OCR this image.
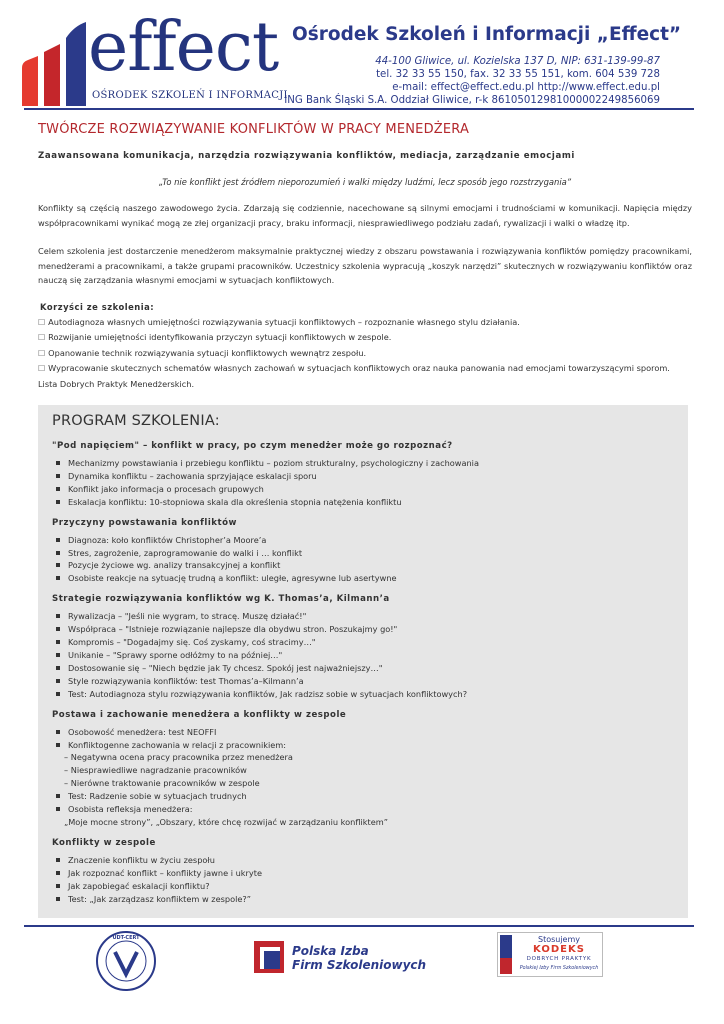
effect
OŚRODEK SZKOLEŃ I INFORMACJI
Ośrodek Szkoleń i Informacji „Effect”
44-100 Gliwice, ul. Kozielska 137 D, NIP: 631-139-99-87
tel. 32 33 55 150, fax. 32 33 55 151, kom. 604 539 728
e-mail: effect@effect.edu.pl http://www.effect.edu.pl
ING Bank Śląski S.A. Oddział Gliwice, r-k 86105012981000002249856069
TWÓRCZE ROZWIĄZYWANIE KONFLIKTÓW W PRACY MENEDŻERA
Zaawansowana komunikacja, narzędzia rozwiązywania konfliktów, mediacja, zarządzanie emocjami
„To nie konflikt jest źródłem nieporozumień i walki między ludźmi, lecz sposób jego rozstrzygania”

Konflikty są częścią naszego zawodowego życia. Zdarzają się codziennie, nacechowane są silnymi emocjami i trudnościami w komunikacji. Napięcia między współpracownikami wynikać mogą ze złej organizacji pracy, braku informacji, niesprawiedliwego podziału zadań, rywalizacji i walki o władzę itp.

Celem szkolenia jest dostarczenie menedżerom maksymalnie praktycznej wiedzy z obszaru powstawania i rozwiązywania konfliktów pomiędzy pracownikami, menedżerami a pracownikami, a także grupami pracowników. Uczestnicy szkolenia wypracują „koszyk narzędzi” skutecznych w rozwiązywaniu konfliktów oraz nauczą się zarządzania własnymi emocjami w sytuacjach konfliktowych.

Korzyści ze szkolenia:
☐ Autodiagnoza własnych umiejętności rozwiązywania sytuacji konfliktowych – rozpoznanie własnego stylu działania.
☐ Rozwijanie umiejętności identyfikowania przyczyn sytuacji konfliktowych w zespole.
☐ Opanowanie technik rozwiązywania sytuacji konfliktowych wewnątrz zespołu.
☐ Wypracowanie skutecznych schematów własnych zachowań w sytuacjach konfliktowych oraz nauka panowania nad emocjami towarzyszącymi sporom.
Lista Dobrych Praktyk Menedżerskich.
PROGRAM SZKOLENIA:
"Pod napięciem" – konflikt w pracy, po czym menedżer może go rozpoznać?
Mechanizmy powstawiania i przebiegu konfliktu – poziom strukturalny, psychologiczny i zachowania
Dynamika konfliktu – zachowania sprzyjające eskalacji sporu
Konflikt jako informacja o procesach grupowych
Eskalacja konfliktu: 10-stopniowa skala dla określenia stopnia natężenia konfliktu
Przyczyny powstawania konfliktów
Diagnoza: koło konfliktów Christopher’a Moore’a
Stres, zagrożenie, zaprogramowanie do walki i … konflikt
Pozycje życiowe wg. analizy transakcyjnej a konflikt
Osobiste reakcje na sytuację trudną a konflikt: uległe, agresywne lub asertywne
Strategie rozwiązywania konfliktów wg K. Thomas’a, Kilmann’a
Rywalizacja – "Jeśli nie wygram, to stracę. Muszę działać!"
Współpraca – "Istnieje rozwiązanie najlepsze dla obydwu stron. Poszukajmy go!"
Kompromis – "Dogadajmy się. Coś zyskamy, coś stracimy…"
Unikanie – "Sprawy sporne odłóżmy to na później…"
Dostosowanie się – "Niech będzie jak Ty chcesz. Spokój jest najważniejszy…"
Style rozwiązywania konfliktów: test Thomas’a–Kilmann’a
Test: Autodiagnoza stylu rozwiązywania konfliktów, Jak radzisz sobie w sytuacjach konfliktowych?
Postawa i zachowanie menedżera a konflikty w zespole
Osobowość menedżera: test NEOFFI
Konfliktogenne zachowania w relacji z pracownikiem:
– Negatywna ocena pracy pracownika przez menedżera
– Niesprawiedliwe nagradzanie pracowników
– Nierówne traktowanie pracowników w zespole
Test: Radzenie sobie w sytuacjach trudnych
Osobista refleksja menedżera:
„Moje mocne strony”, „Obszary, które chcę rozwijać w zarządzaniu konfliktem”
Konflikty w zespole
Znaczenie konfliktu w życiu zespołu
Jak rozpoznać konflikt – konflikty jawne i ukryte
Jak zapobiegać eskalacji konfliktu?
Test: „Jak zarządzasz konfliktem w zespole?”
UDT-CERT
Polska Izba
Firm Szkoleniowych
Stosujemy
KODEKS
DOBRYCH PRAKTYK
Polskiej Izby Firm Szkoleniowych
